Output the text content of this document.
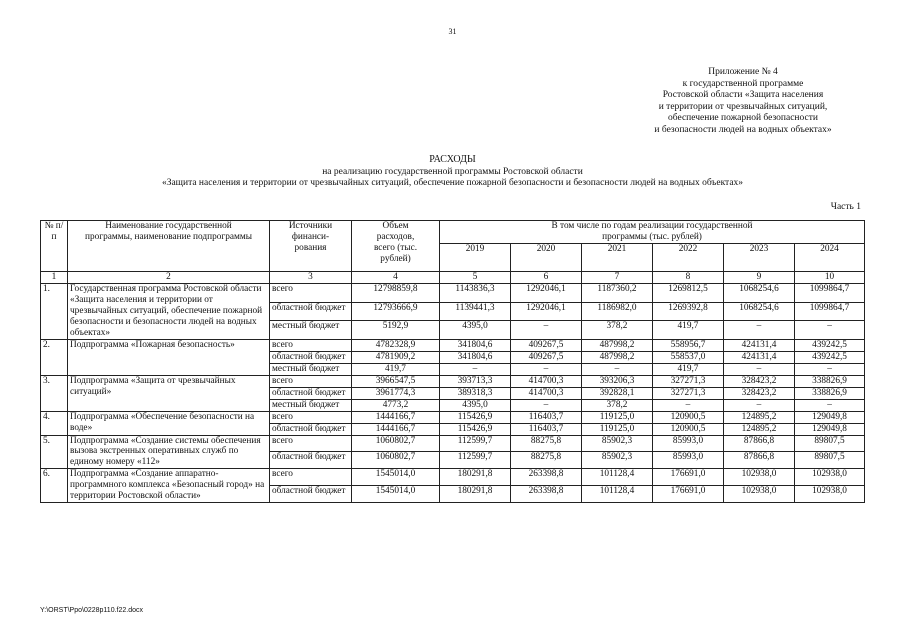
31
Приложение № 4
к государственной программе
Ростовской области «Защита населения
и территории от чрезвычайных ситуаций,
обеспечение пожарной безопасности
и безопасности людей на водных объектах»
РАСХОДЫ
на реализацию государственной программы Ростовской области
«Защита населения и территории от чрезвычайных ситуаций, обеспечение пожарной безопасности и безопасности людей на водных объектах»
Часть 1
№ п/п	Наименование государственной программы, наименование подпрограммы	Источники финанси-рования	Объем расходов, всего (тыс. рублей)	В том числе по годам реализации государственной программы (тыс. рублей)					
				2019	2020	2021	2022	2023	2024
1	2	3	4	5	6	7	8	9	10
1.	Государственная программа Ростовской области «Защита населения и территории от чрезвычайных ситуаций, обеспечение пожарной безопасности и безопасности людей на водных объектах»	всего	12798859,8	1143836,3	1292046,1	1187360,2	1269812,5	1068254,6	1099864,7
		областной бюджет	12793666,9	1139441,3	1292046,1	1186982,0	1269392,8	1068254,6	1099864,7
		местный бюджет	5192,9	4395,0	–	378,2	419,7	–	–
2.	Подпрограмма «Пожарная безопасность»	всего	4782328,9	341804,6	409267,5	487998,2	558956,7	424131,4	439242,5
		областной бюджет	4781909,2	341804,6	409267,5	487998,2	558537,0	424131,4	439242,5
		местный бюджет	419,7	–	–	–	419,7	–	–
3.	Подпрограмма «Защита от чрезвычайных ситуаций»	всего	3966547,5	393713,3	414700,3	393206,3	327271,3	328423,2	338826,9
		областной бюджет	3961774,3	389318,3	414700,3	392828,1	327271,3	328423,2	338826,9
		местный бюджет	4773,2	4395,0	–	378,2	–	–	–
4.	Подпрограмма «Обеспечение безопасности на воде»	всего	1444166,7	115426,9	116403,7	119125,0	120900,5	124895,2	129049,8
		областной бюджет	1444166,7	115426,9	116403,7	119125,0	120900,5	124895,2	129049,8
5.	Подпрограмма «Создание системы обеспечения вызова экстренных оперативных служб по единому номеру «112»	всего	1060802,7	112599,7	88275,8	85902,3	85993,0	87866,8	89807,5
		областной бюджет	1060802,7	112599,7	88275,8	85902,3	85993,0	87866,8	89807,5
6.	Подпрограмма «Создание аппаратно-программного комплекса «Безопасный город» на территории Ростовской области»	всего	1545014,0	180291,8	263398,8	101128,4	176691,0	102938,0	102938,0
		областной бюджет	1545014,0	180291,8	263398,8	101128,4	176691,0	102938,0	102938,0
Y:\ORST\Ppo\0228p110.f22.docx
